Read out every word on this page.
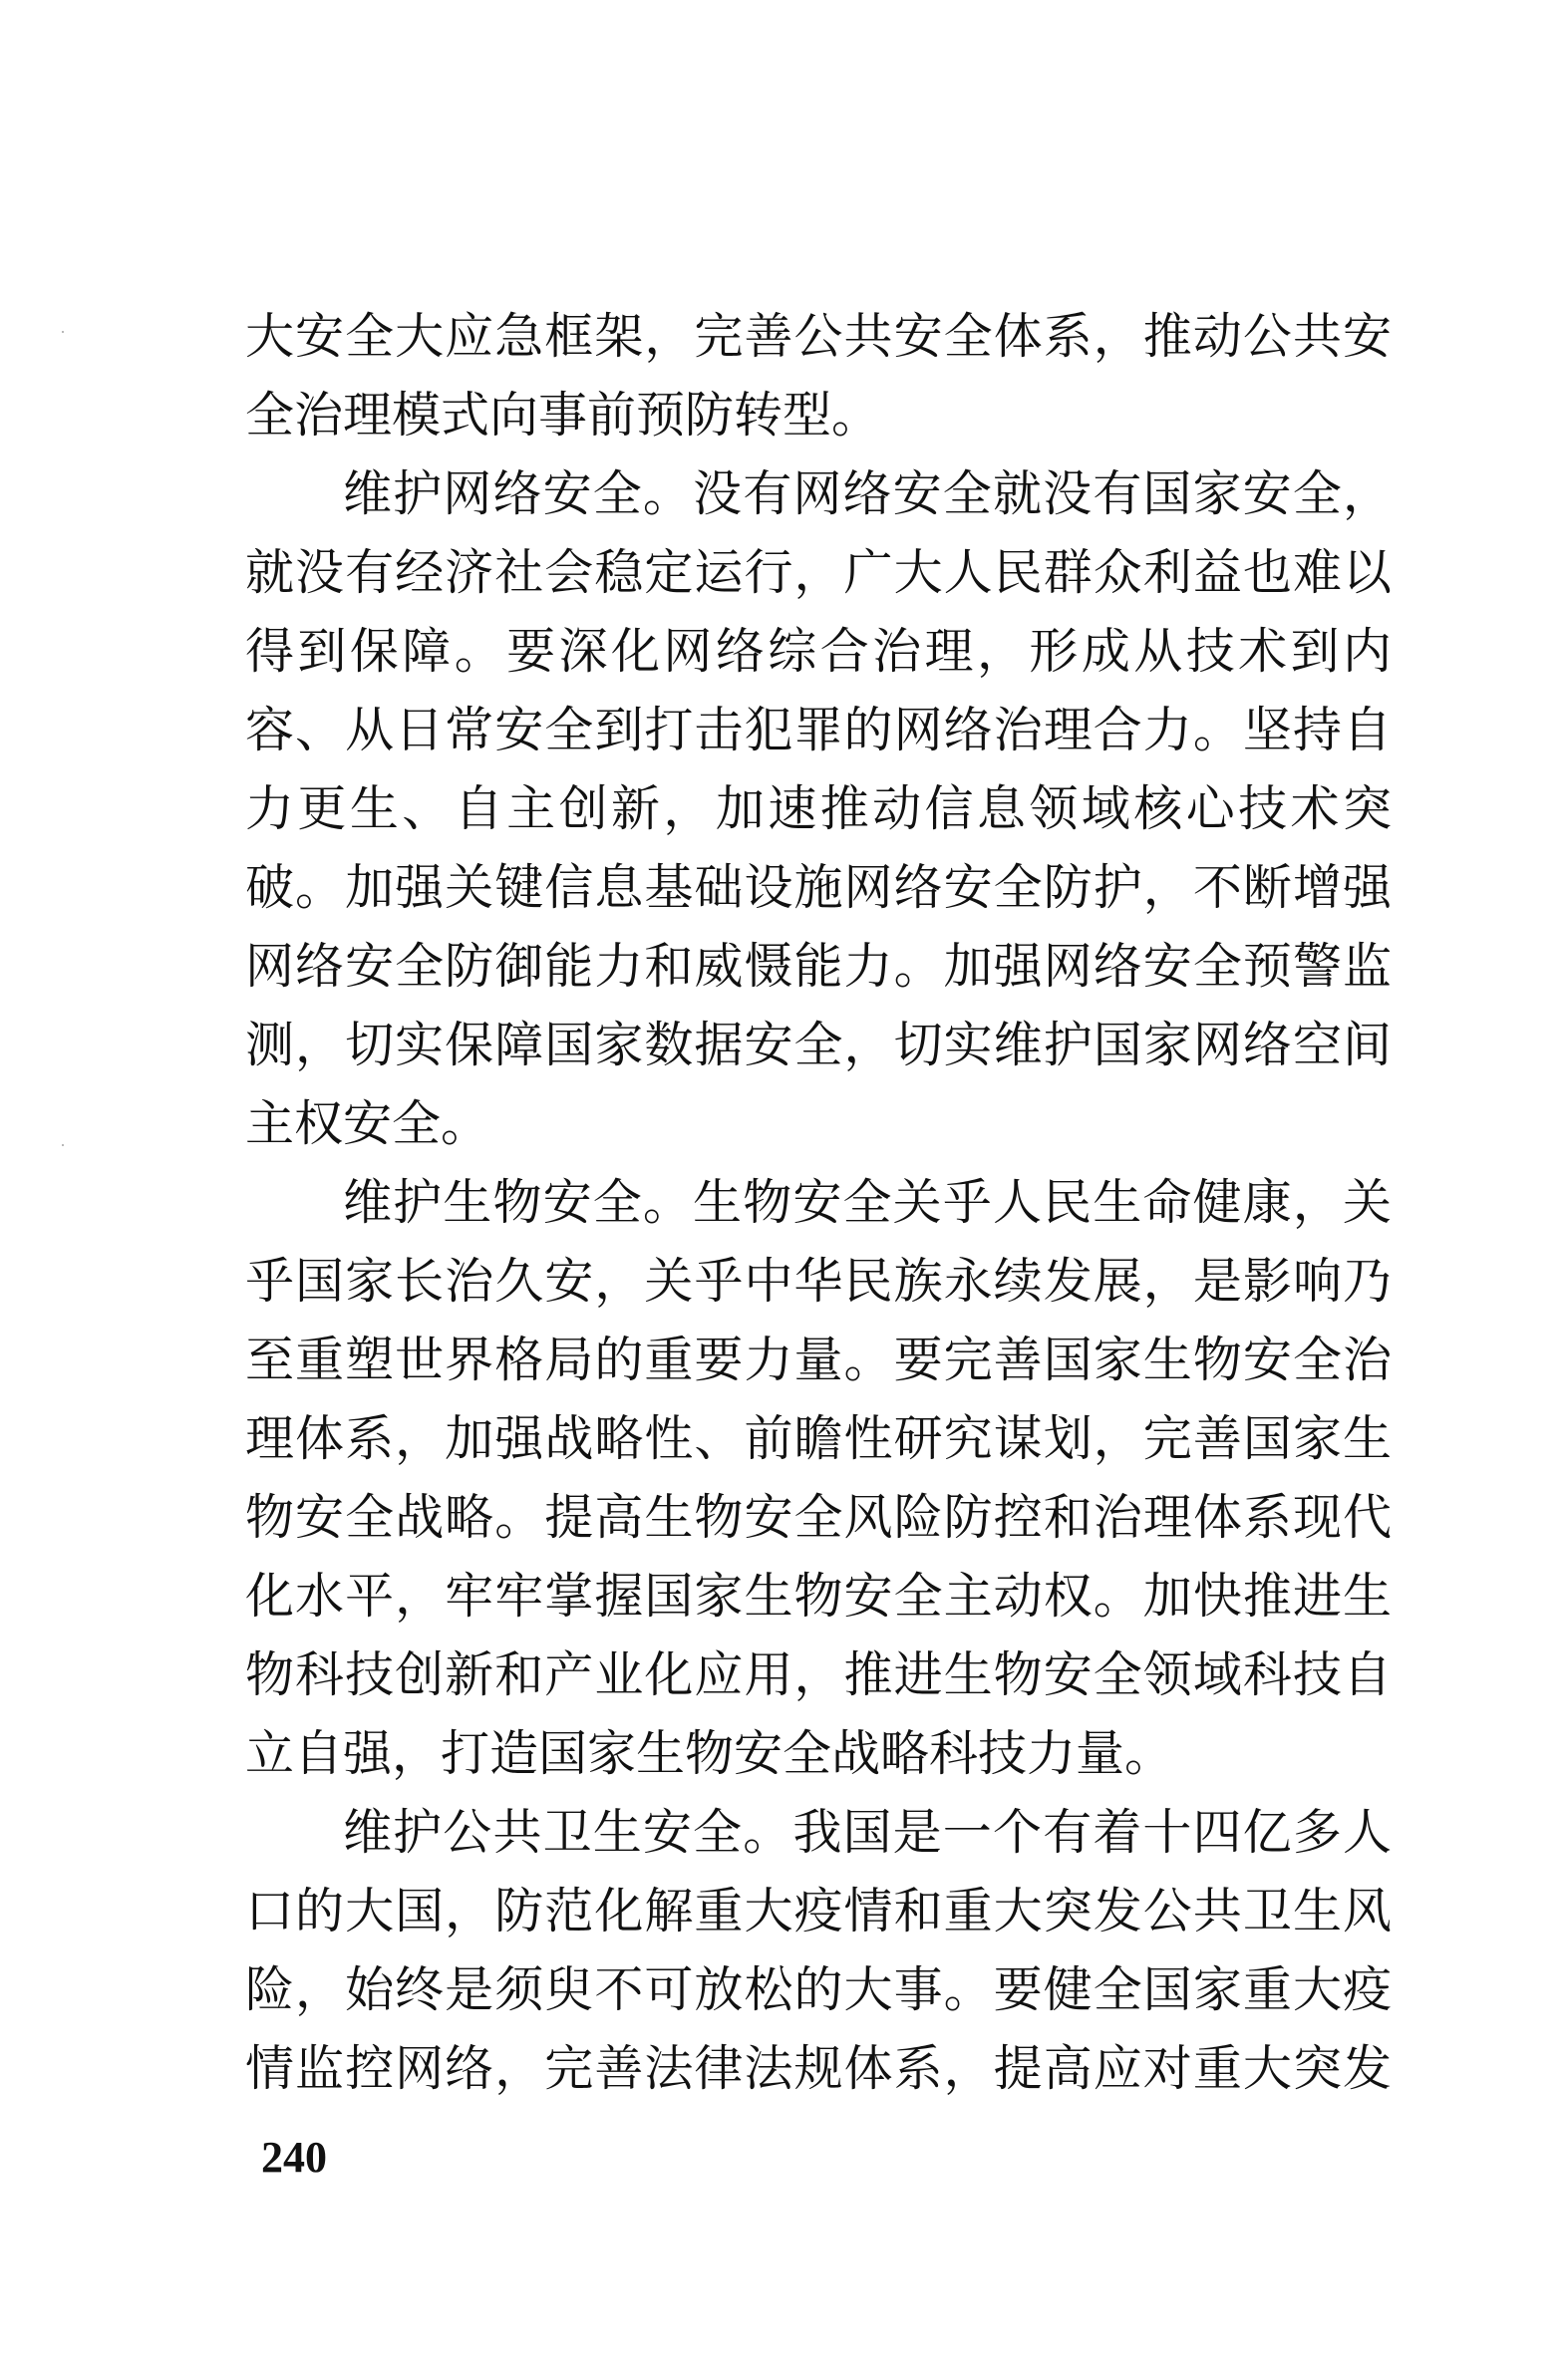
大安全大应急框架，完善公共安全体系，推动公共安
全治理模式向事前预防转型。
维护网络安全。没有网络安全就没有国家安全，
就没有经济社会稳定运行，广大人民群众利益也难以
得到保障。要深化网络综合治理，形成从技术到内
容、从日常安全到打击犯罪的网络治理合力。坚持自
力更生、自主创新，加速推动信息领域核心技术突
破。加强关键信息基础设施网络安全防护，不断增强
网络安全防御能力和威慑能力。加强网络安全预警监
测，切实保障国家数据安全，切实维护国家网络空间
主权安全。
维护生物安全。生物安全关乎人民生命健康，关
乎国家长治久安，关乎中华民族永续发展，是影响乃
至重塑世界格局的重要力量。要完善国家生物安全治
理体系，加强战略性、前瞻性研究谋划，完善国家生
物安全战略。提高生物安全风险防控和治理体系现代
化水平，牢牢掌握国家生物安全主动权。加快推进生
物科技创新和产业化应用，推进生物安全领域科技自
立自强，打造国家生物安全战略科技力量。
维护公共卫生安全。我国是一个有着十四亿多人
口的大国，防范化解重大疫情和重大突发公共卫生风
险，始终是须臾不可放松的大事。要健全国家重大疫
情监控网络，完善法律法规体系，提高应对重大突发
240
